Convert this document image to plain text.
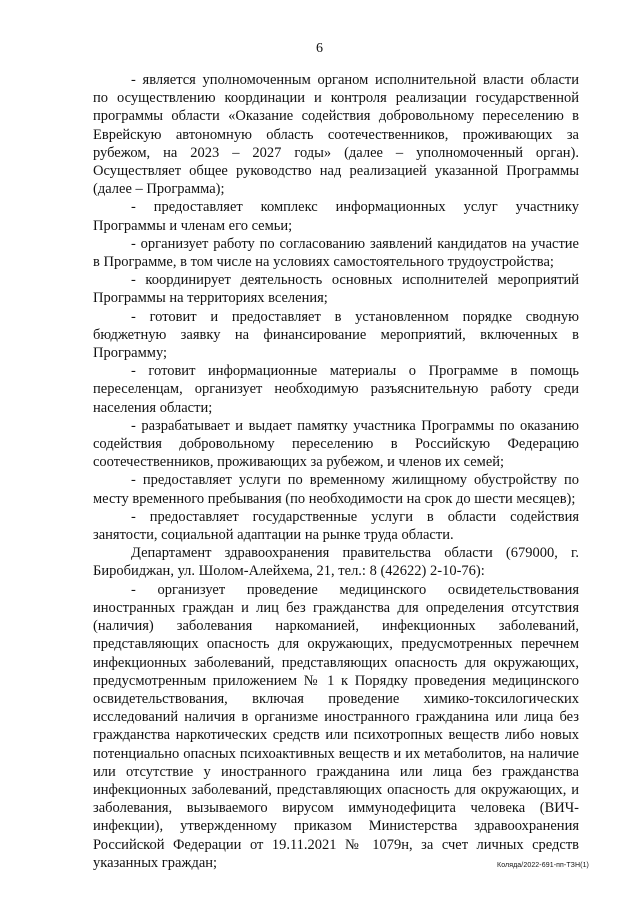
6

- является уполномоченным органом исполнительной власти области по осуществлению координации и контроля реализации государственной программы области «Оказание содействия добровольному переселению в Еврейскую автономную область соотечественников, проживающих за рубежом, на 2023 – 2027 годы» (далее – уполномоченный орган). Осуществляет общее руководство над реализацией указанной Программы (далее – Программа);

- предоставляет комплекс информационных услуг участнику Программы и членам его семьи;

- организует работу по согласованию заявлений кандидатов на участие в Программе, в том числе на условиях самостоятельного трудоустройства;

- координирует деятельность основных исполнителей мероприятий Программы на территориях вселения;

- готовит и предоставляет в установленном порядке сводную бюджетную заявку на финансирование мероприятий, включенных в Программу;

- готовит информационные материалы о Программе в помощь переселенцам, организует необходимую разъяснительную работу среди населения области;

- разрабатывает и выдает памятку участника Программы по оказанию содействия добровольному переселению в Российскую Федерацию соотечественников, проживающих за рубежом, и членов их семей;

- предоставляет услуги по временному жилищному обустройству по месту временного пребывания (по необходимости на срок до шести месяцев);

- предоставляет государственные услуги в области содействия занятости, социальной адаптации на рынке труда области.

Департамент здравоохранения правительства области (679000, г. Биробиджан, ул. Шолом-Алейхема, 21, тел.: 8 (42622) 2-10-76):

- организует проведение медицинского освидетельствования иностранных граждан и лиц без гражданства для определения отсутствия (наличия) заболевания наркоманией, инфекционных заболеваний, представляющих опасность для окружающих, предусмотренных перечнем инфекционных заболеваний, представляющих опасность для окружающих, предусмотренным приложением № 1 к Порядку проведения медицинского освидетельствования, включая проведение химико-токсилогических исследований наличия в организме иностранного гражданина или лица без гражданства наркотических средств или психотропных веществ либо новых потенциально опасных психоактивных веществ и их метаболитов, на наличие или отсутствие у иностранного гражданина или лица без гражданства инфекционных заболеваний, представляющих опасность для окружающих, и заболевания, вызываемого вирусом иммунодефицита человека (ВИЧ-инфекции), утвержденному приказом Министерства здравоохранения Российской Федерации от 19.11.2021 № 1079н, за счет личных средств указанных граждан;	Коляда/2022-691-пп-ТЗН(1)
